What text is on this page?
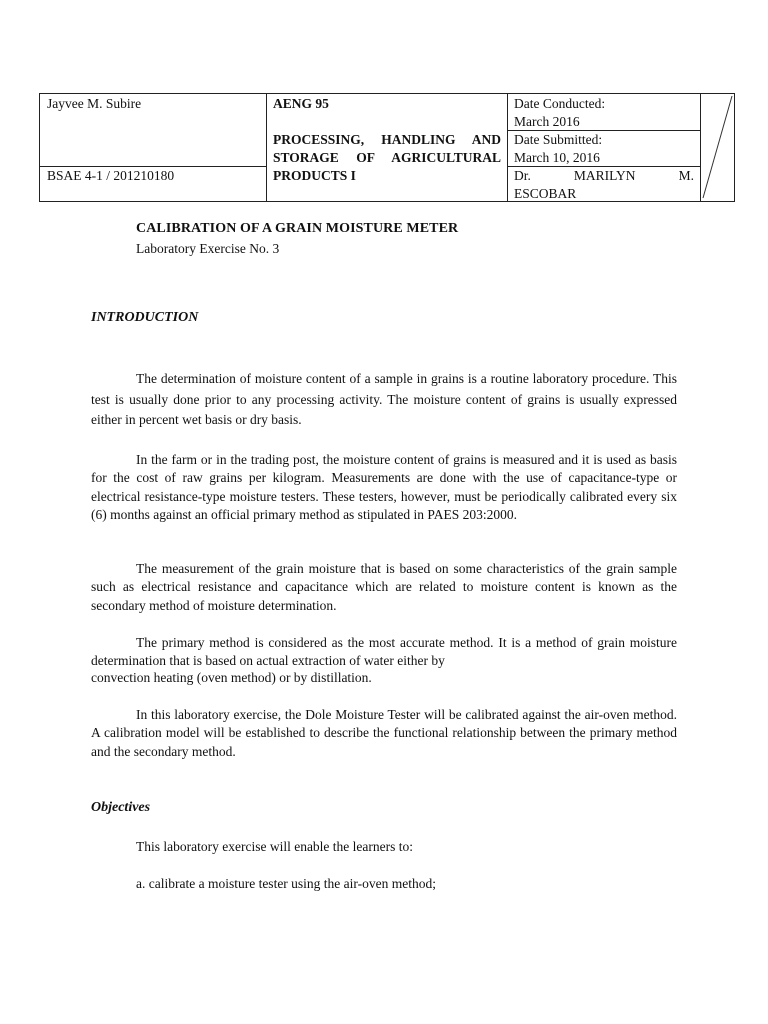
Jayvee M. Subire
BSAE 4-1 / 201210180
AENG 95
PROCESSING, HANDLING AND STORAGE OF AGRICULTURAL PRODUCTS I
Date Conducted:
March 2016
Date Submitted:
March 10, 2016
Dr.	MARILYN	M.
ESCOBAR
CALIBRATION OF A GRAIN MOISTURE METER
Laboratory Exercise No. 3
INTRODUCTION

The determination of moisture content of a sample in grains is a routine laboratory procedure. This test is usually done prior to any processing activity. The moisture content of grains is usually expressed either in percent wet basis or dry basis.

In the farm or in the trading post, the moisture content of grains is measured and it is used as basis for the cost of raw grains per kilogram. Measurements are done with the use of capacitance-type or electrical resistance-type moisture testers. These testers, however, must be periodically calibrated every six (6) months against an official primary method as stipulated in PAES 203:2000.

The measurement of the grain moisture that is based on some characteristics of the grain sample such as electrical resistance and capacitance which are related to moisture content is known as the secondary method of moisture determination.

The primary method is considered as the most accurate method. It is a method of grain moisture determination that is based on actual extraction of water either by

convection heating (oven method) or by distillation.

In this laboratory exercise, the Dole Moisture Tester will be calibrated against the air-oven method. A calibration model will be established to describe the functional relationship between the primary method and the secondary method.

Objectives
This laboratory exercise will enable the learners to:
a. calibrate a moisture tester using the air-oven method;
